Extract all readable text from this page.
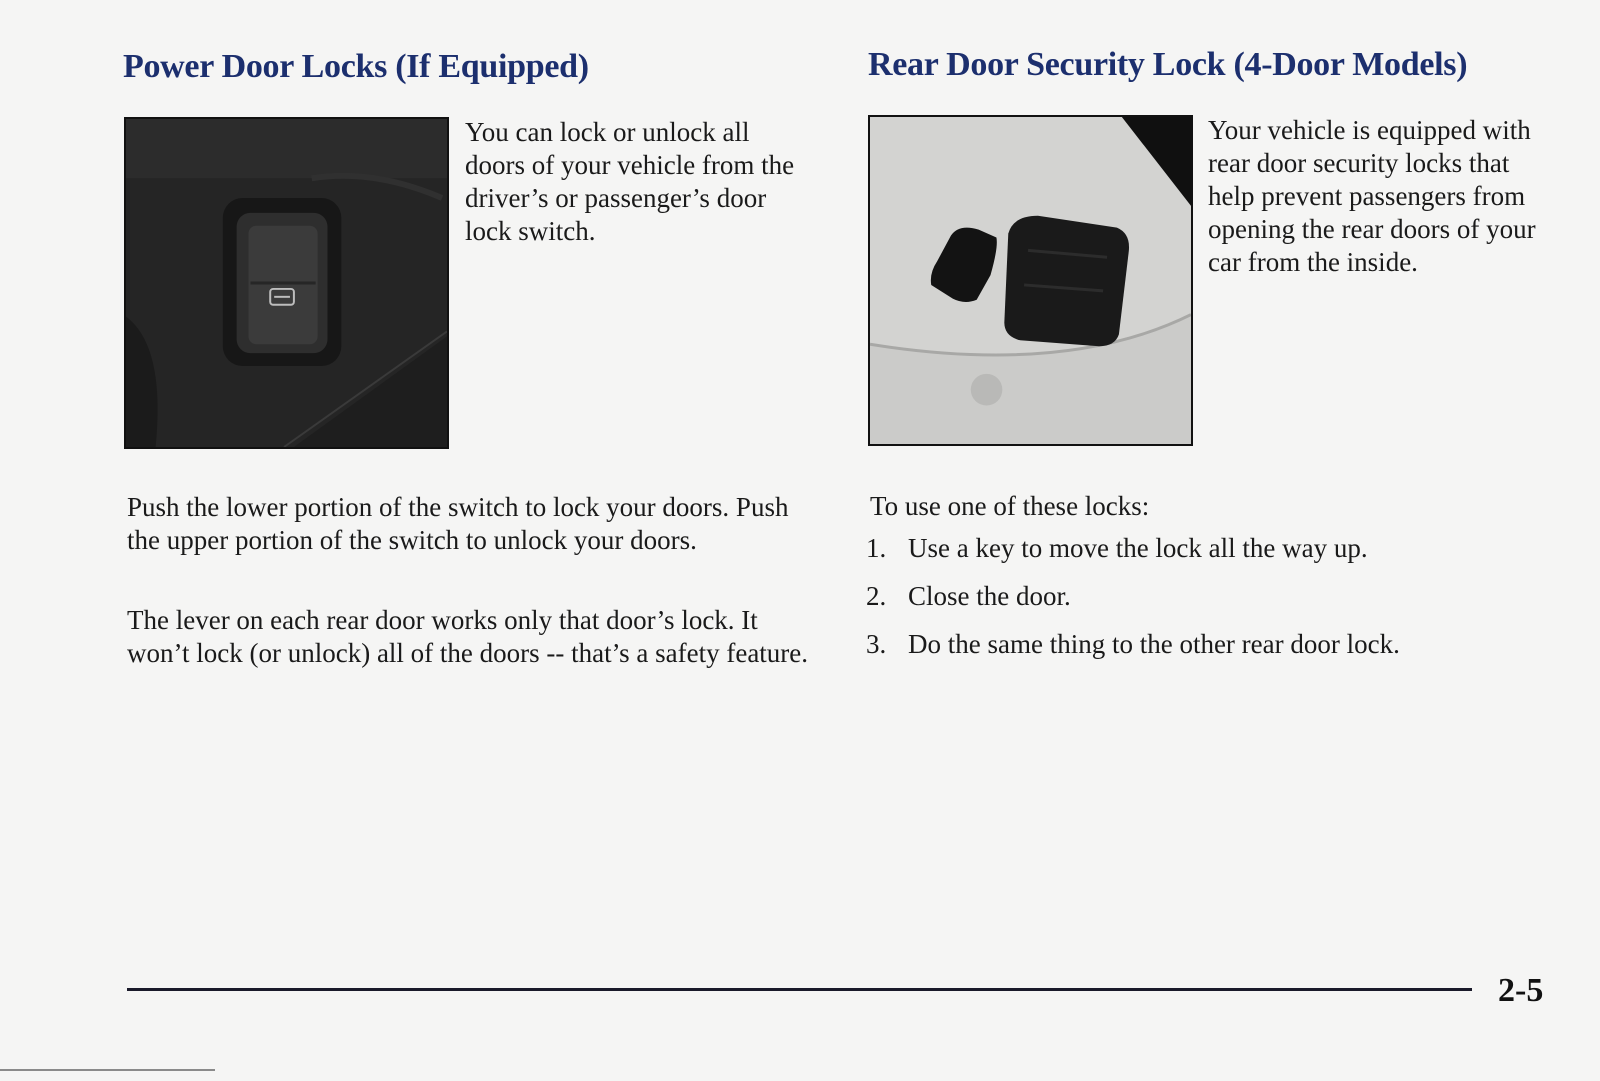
Power Door Locks (If Equipped)

You can lock or unlock all doors of your vehicle from the driver’s or passenger’s door lock switch.

Push the lower portion of the switch to lock your doors. Push the upper portion of the switch to unlock your doors.

The lever on each rear door works only that door’s lock. It won’t lock (or unlock) all of the doors -- that’s a safety feature.

Rear Door Security Lock (4-Door Models)

Your vehicle is equipped with rear door security locks that help prevent passengers from opening the rear doors of your car from the inside.

To use one of these locks:

1. Use a key to move the lock all the way up.
2. Close the door.
3. Do the same thing to the other rear door lock.
2-5
